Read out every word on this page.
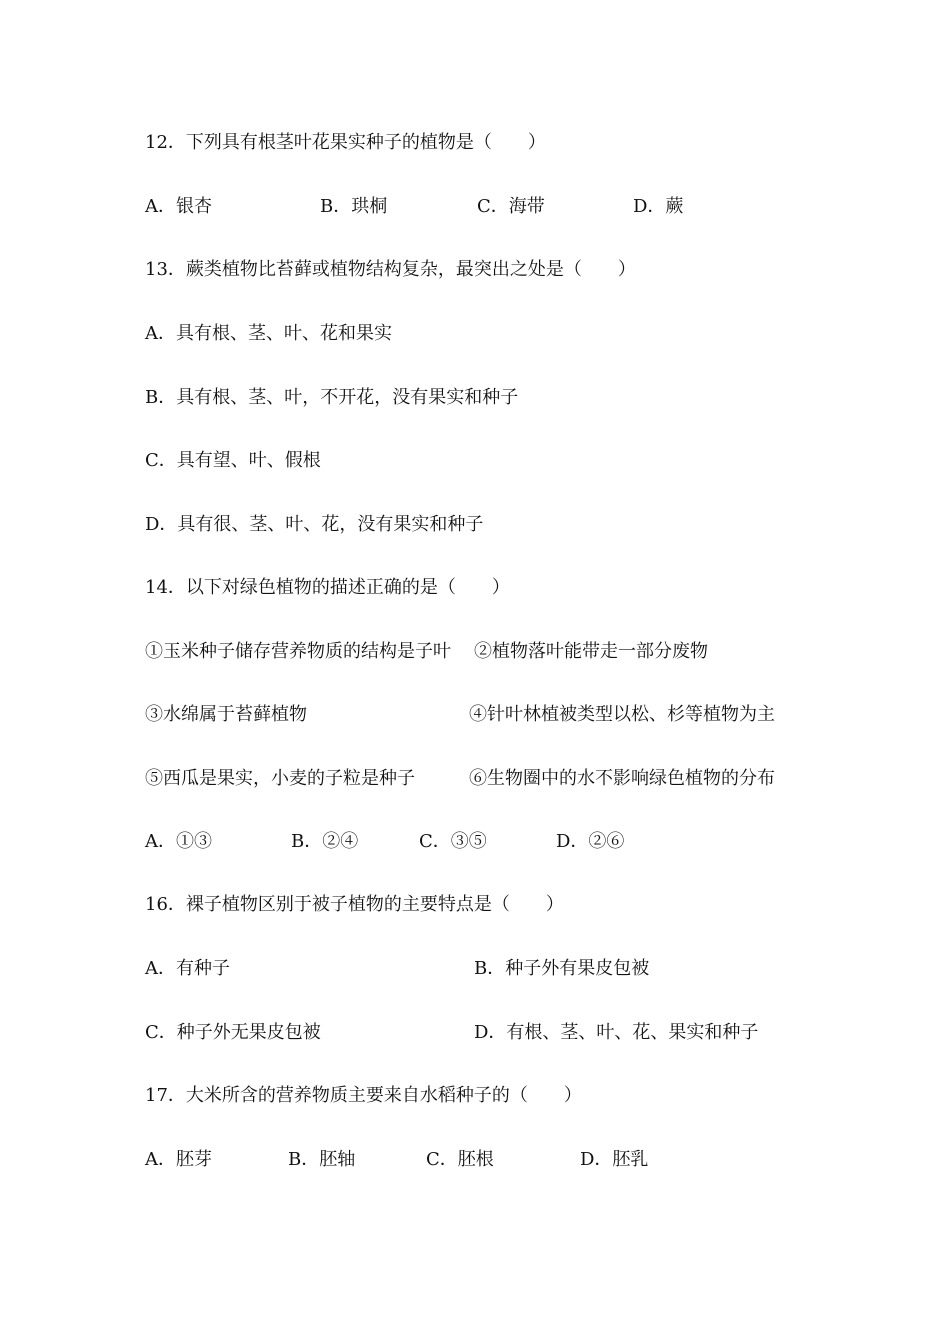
12．下列具有根茎叶花果实种子的植物是（　　）
A．银杏	B．珙桐	C．海带	D．蕨
13．蕨类植物比苔藓或植物结构复杂，最突出之处是（　　）
A．具有根、茎、叶、花和果实
B．具有根、茎、叶，不开花，没有果实和种子
C．具有望、叶、假根
D．具有很、茎、叶、花，没有果实和种子
14．以下对绿色植物的描述正确的是（　　）
①玉米种子储存营养物质的结构是子叶 ②植物落叶能带走一部分废物
③水绵属于苔藓植物	④针叶林植被类型以松、杉等植物为主
⑤西瓜是果实，小麦的子粒是种子	⑥生物圈中的水不影响绿色植物的分布
A．①③	B．②④	C．③⑤	D．②⑥
16．裸子植物区别于被子植物的主要特点是（　　）
A．有种子	B．种子外有果皮包被
C．种子外无果皮包被	D．有根、茎、叶、花、果实和种子
17．大米所含的营养物质主要来自水稻种子的（　　）
A．胚芽	B．胚轴	C．胚根	D．胚乳
